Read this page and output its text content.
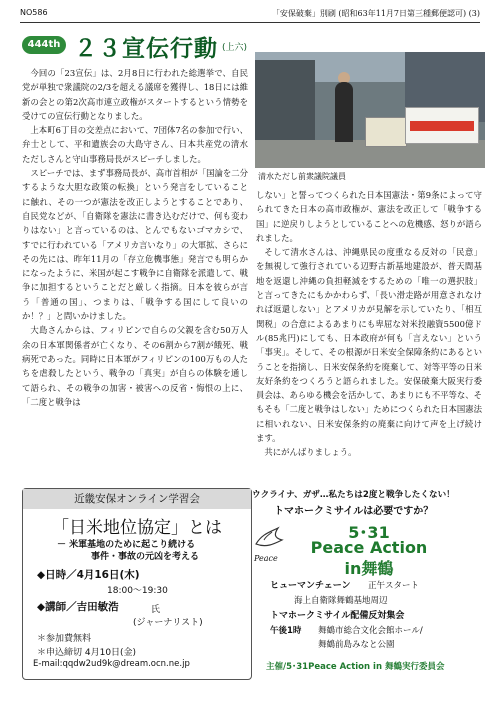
NO586	「安保破棄」別刷 (昭和63年11月7日第三種郵便認可) (3)
444th ２３宣伝行動 (上六)

今回の「23宣伝」は、2月8日に行われた総選挙で、自民党が単独で衆議院の2/3を超える議席を獲得し、18日には維新の会との第2次高市連立政権がスタートするという情勢を受けての宣伝行動となりました。

上本町6丁目の交差点において、7団体7名の参加で行い、弁士として、平和遺族会の大島守さん、日本共産党の清水ただしさんと守山事務局長がスピーチしました。

スピーチでは、まず事務局長が、高市首相が「国論を二分するような大胆な政策の転換」という発言をしていることに触れ、その一つが憲法を改正しようとすることであり、自民党などが、「自衛隊を憲法に書き込むだけで、何も変わりはない」と言っているのは、とんでもないゴマカシで、すでに行われている「アメリカ言いなり」の大軍拡、さらにその先には、昨年11月の「存立危機事態」発言でも明らかになったように、米国が起こす戦争に自衛隊を派遣して、戦争に加担するということだと厳しく指摘。日本を彼らが言う「普通の国」、つまりは、「戦争する国にして良いのか！？」と問いかけました。

大島さんからは、フィリピンで自らの父親を含む50万人余の日本軍関係者が亡くなり、その6割から7割が餓死、戦病死であった。同時に日本軍がフィリピンの100万もの人たちを虐殺したという、戦争の「真実」が自らの体験を通して語られ、その戦争の加害・被害への反省・悔恨の上に、「二度と戦争は

清水ただし前衆議院議員

しない」と誓ってつくられた日本国憲法・第9条によって守られてきた日本の高市政権が、憲法を改正して「戦争する国」に逆戻りしようとしていることへの危機感、怒りが語られました。

そして清水さんは、沖縄県民の度重なる反対の「民意」を無視して強行されている辺野古新基地建設が、普天間基地を返還し沖縄の負担軽減をするための「唯一の選択肢」と言ってきたにもかかわらず、「長い滑走路が用意されなければ返還しない」とアメリカが見解を示していたり、「相互関税」の合意によるあまりにも卑屈な対米投融資5500億ドル(85兆円)にしても、日本政府が何も「言えない」という「事実」。そして、その根源が日米安全保障条約にあるということを指摘し、日米安保条約を廃棄して、対等平等の日米友好条約をつくろうと語られました。安保破棄大阪実行委員会は、あらゆる機会を活かして、あまりにも不平等な、そもそも「二度と戦争はしない」ためにつくられた日本国憲法に相いれない、日米安保条約の廃棄に向けて声を上げ続けます。

共にがんばりましょう。

近畿安保オンライン学習会
「日米地位協定」とは
－ 米軍基地のために起こり続ける
事件・事故の元凶を考える
◆日時／4月16日(木)
18:00～19:30
◆講師／吉田敏浩	氏
(ジャーナリスト)
＊参加費無料
＊申込締切 4月10日(金)
E-mail:qqdw2ud9k@dream.ocn.ne.jp
ウクライナ、ガザ…私たちは2度と戦争したくない！
トマホークミサイルは必要ですか？
Peace
5･31
Peace Action
in舞鶴
ヒューマンチェーン 正午スタート
海上自衛隊舞鶴基地周辺
トマホークミサイル配備反対集会
午後1時 舞鶴市総合文化会館ホール/
舞鶴前島みなと公園
主催/5･31Peace Action in 舞鶴実行委員会
